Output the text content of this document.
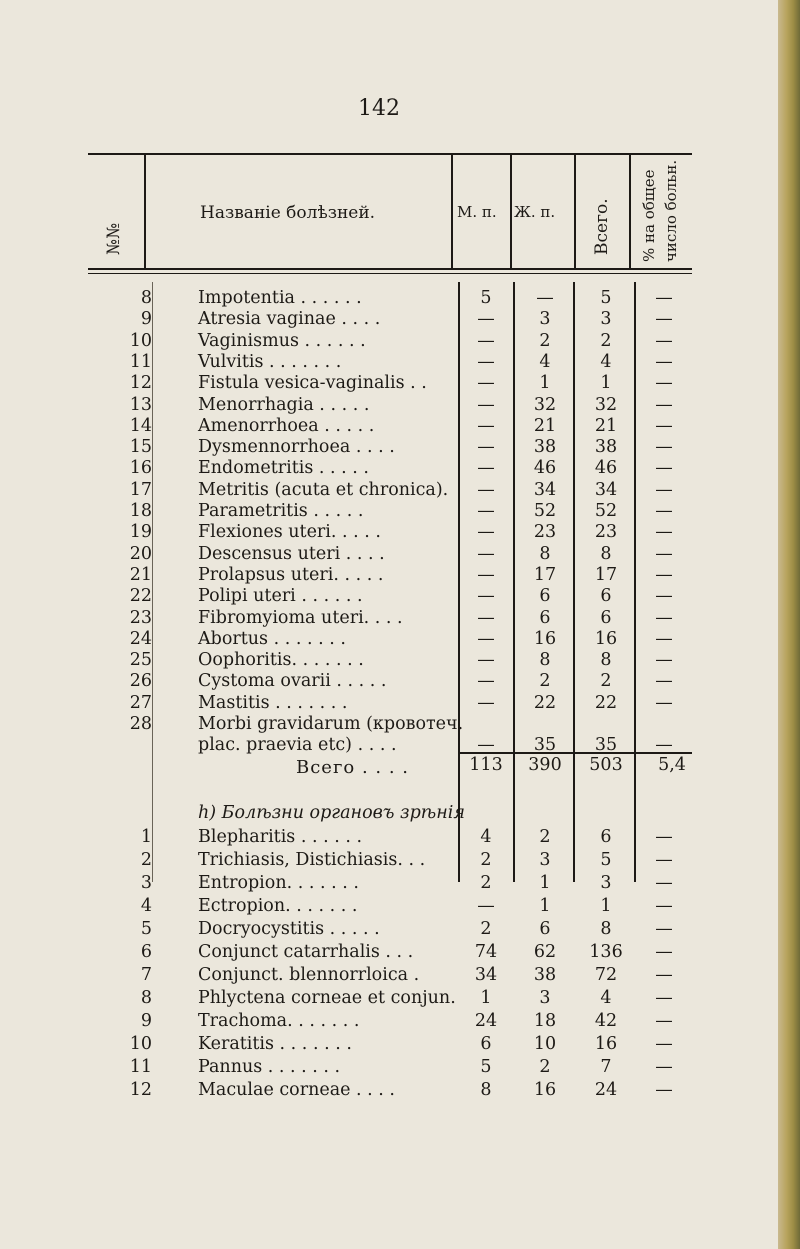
142
№№
Названіе болѣзней.	М. п. Ж. п. Всего. % на общее число больн.
8	Impotentia . . . . . .	5	—	5	—
9	Atresia vaginae . . . .	—	3	3	—
10	Vaginismus . . . . . .	—	2	2	—
11	Vulvitis . . . . . . .	—	4	4	—
12	Fistula vesica-vaginalis . .	—	1	1	—
13	Menorrhagia . . . . .	—	32	32	—
14	Amenorrhoea . . . . .	—	21	21	—
15	Dysmennorrhoea . . . .	—	38	38	—
16	Endometritis . . . . .	—	46	46	—
17	Metritis (acuta et chronica).	—	34	34	—
18	Parametritis . . . . .	—	52	52	—
19	Flexiones uteri. . . . .	—	23	23	—
20	Descensus uteri . . . .	—	8	8	—
21	Prolapsus uteri. . . . .	—	17	17	—
22	Polipi uteri . . . . . .	—	6	6	—
23	Fibromyioma uteri. . . .	—	6	6	—
24	Abortus . . . . . . .	—	16	16	—
25	Oophoritis. . . . . . .	—	8	8	—
26	Cystoma ovarii . . . . .	—	2	2	—
27	Mastitis . . . . . . .	—	22	22	—
28	Morbi gravidarum (кровотеч.
plac. praevia etc) . . . .	—	35	35	—
Всего . . . .	113	390	503	5,4
h) Болѣзни органовъ зрѣнія
1	Blepharitis . . . . . .	4	2	6	—
2	Trichiasis, Distichiasis. . .	2	3	5	—
3	Entropion. . . . . . .	2	1	3	—
4	Ectropion. . . . . . .	—	1	1	—
5	Docryocystitis . . . . .	2	6	8	—
6	Conjunct catarrhalis . . .	74	62	136	—
7	Conjunct. blennorrloica .	34	38	72	—
8	Phlyctena corneae et conjun.	1	3	4	—
9	Trachoma. . . . . . .	24	18	42	—
10	Keratitis . . . . . . .	6	10	16	—
11	Pannus . . . . . . .	5	2	7	—
12	Maculae corneae . . . .	8	16	24	—
